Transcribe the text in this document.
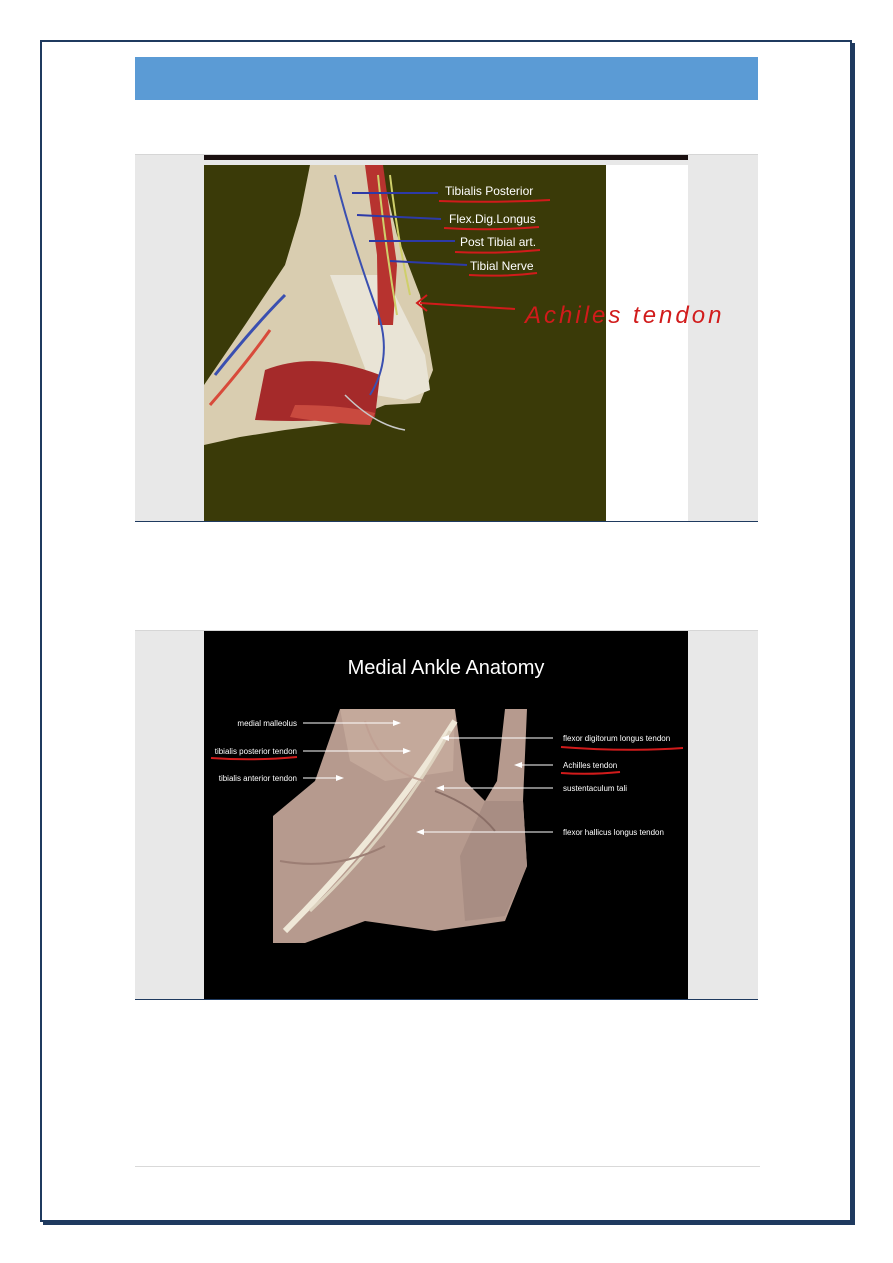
Tibialis Posterior
Flex.Dig.Longus
Post Tibial art.
Tibial Nerve
Achiles tendon
Medial Ankle Anatomy
medial malleolus
tibialis posterior tendon
tibialis anterior tendon
flexor digitorum longus tendon
Achilles tendon
sustentaculum tali
flexor hallicus longus tendon
